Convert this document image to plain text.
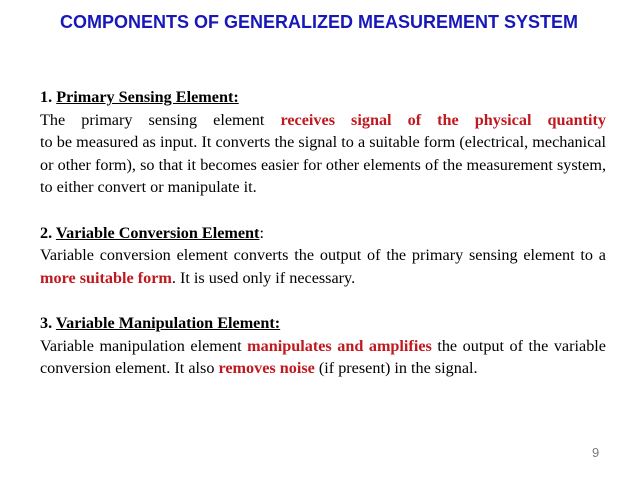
COMPONENTS OF GENERALIZED MEASUREMENT SYSTEM
1. Primary Sensing Element:
The primary sensing element receives signal of the physical quantity
to be measured as input. It converts the signal to a suitable form (electrical, mechanical or other form), so that it becomes easier for other elements of the measurement system, to either convert or manipulate it.
2. Variable Conversion Element:
Variable conversion element converts the output of the primary sensing element to a more suitable form. It is used only if necessary.
3. Variable Manipulation Element:
Variable manipulation element manipulates and amplifies the output of the variable conversion element. It also removes noise (if present) in the signal.
9
